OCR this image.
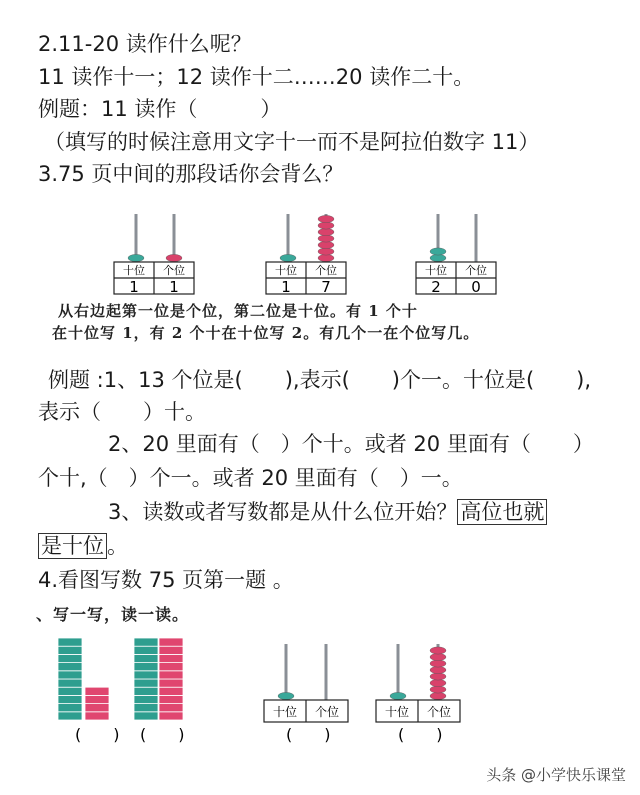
2.11-20 读作什么呢？
11 读作十一；12 读作十二……20 读作二十。
例题：11 读作（　　　）
（填写的时候注意用文字十一而不是阿拉伯数字 11）
3.75 页中间的那段话你会背么？
十位 个位
1 1
十位 个位
1 7
十位 个位
2 0
从右边起第一位是个位，第二位是十位。有 1 个十
在十位写 1，有 2 个十在十位写 2。有几个一在个位写几。
例题 :1、13 个位是(　　),表示(　　)个一。十位是(　　),
表示（　　）十。
2、20 里面有（　）个十。或者 20 里面有（　　）
个十,（　）个一。或者 20 里面有（　）一。
3、读数或者写数都是从什么位开始？ 高位也就
是十位 。
4.看图写数 75 页第一题 。
、写一写，读一读。
(　　) (　　)
十位 个位
(　　)
十位 个位
(　　)
头条 @小学快乐课堂
